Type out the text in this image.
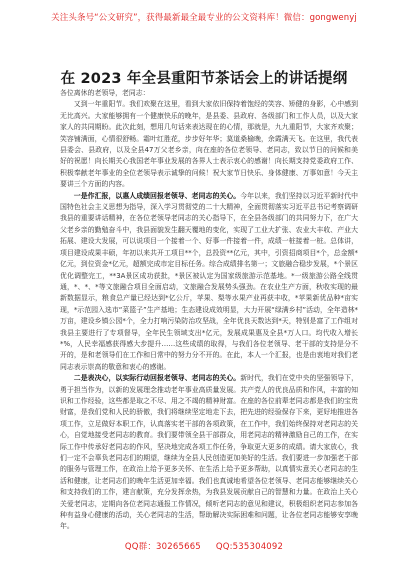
关注头条号“公文研究”，获得最新最全最专业的公文资料库！微信：gongwenyj
在 2023 年全县重阳节茶话会上的讲话提纲

各位离休的老领导，老同志：

又到一年重阳节。我们欢聚在这里，看到大家依旧保持着饱经的笑容、矫健的身影，心中感到无比高兴。大家能够拥有一个健康快乐的晚年，是县委、县政府、各级部门和工作人员，以及大家家人的共同期盼。此次此刻，想用几句话来表达现在的心情，那就是，九九重阳节，大家齐欢聚；笑容铺满面，心情很舒畅。霜叶红胜花，步步好年华；莫道桑榆晚，余霞满天飞。在这里，我代表县委会、县政府，以及全县47万父老乡亲，向在座的各位老领导、老同志，致以节日的问候和美好的祝愿！向长期关心我国老年事业发展的各界人士表示衷心的感谢！向长期支持党委政府工作、积极奉献老年事业的全位老领导表示诚挚的问候！祝大家节日快乐、身体健康、万事如意！今天主要讲三个方面的内容。

一是作汇报，以惠人成绩回报老领导、老同志的关心。今年以来，我们坚持以习近平新时代中国特色社会主义思想为指导，深入学习贯彻党的二十大精神，全面贯彻落实习近平总书记考察调研我县的重要讲话精神，在各位老领导老同志的关心指导下，在全县各级部门的共同努力下，在广大父老乡亲的勤勉奋斗中，我县面貌发生翻天覆地的变化，实现了工业大扩张、农业大丰收、产业大拓展、建设大发展，可以说项目一个接着一个、好事一件接着一件，成绩一桩接着一桩。总体讲，项目建设成果丰硕，年初以来共开工项目**个，总投资**亿元，其中，引资招商项目*个，总金额*亿元，到位资金*亿元，超额完成市定目标任务。综合成绩排名第一；文旅融合稳步发展，*个景区优化调整完工，**3A景区成功获批，*景区被认定为国家级旅游示范基地。*一级旅游公路全线贯通，*、*、*等文旅融合项目全面启动，文旅融合发展势头强劲。在农业生产方面，秋收实现的最新数据显示，粮食总产量已经达到*亿公斤，苹果、梨等水果产业再获丰收，*苹果新优品种*亩实现，*示范园入选市“菜篮子”生产基地；生态建设成效明显，大力开展“绿满乡村”活动，全年造林*万亩，建设乡镇公园*个，全力打响污染防治攻坚战，全年优良天数达到*天，特别是富了工作组对我县主要进行了专项督导，全年民生领域支出*亿元，发展成果惠及全县*万人口。均代收入增长*%，人民幸福感获得感大步提升……这些成绩的取得，与我们各位老领导、老干部的支持是分不开的，是和老领导们在工作和日常中的努力分不开的。在此，本人一个汇报，也是由衷地对我们老同志表示崇高的敬意和衷心的感谢。

二是表决心，以实际行动回报老领导、老同志的关心。新时代，我们在党中央的坚强领导下，勇于担当作为，以新的发展理念推动老年事业高质量发展。共产党人的优良品质和作风，丰富的知识和工作经验，这些都是取之不尽、用之不竭的精神财富。在座的各位前辈老同志都是我们的宝贵财富，是我们党和人民的骄傲，我们将继续坚定地走下去，把先进的经验保存下来，更好地推进各项工作，立足做好本职工作，认真落实老干部的各项政策，在工作中，我们始终保持对老同志的关心，自觉地接受老同志的教育。我们要带领全县干部群众，用老同志的精神激励自己的工作，在实际工作中传承好老同志的作风，坚决地完成各项工作任务，争取更大更多的成绩。请大家放心，我们一定不会辜负老同志们的期望，继续为全县人民创造更加美好的生活。我们要进一步加强老干部的服务与管理工作，在政治上给予更多关怀、在生活上给予更多帮助，以真情实意关心老同志的生活和健康，让老同志们的晚年生活更加幸福。我们也真诚地希望各位老领导、老同志能够继续关心和支持我们的工作，建言献策，充分发挥余热，为我县发展贡献自己的智慧和力量。在政治上关心关爱老同志，定期向各位老同志通报工作情况，倾听老同志的意见和建议，积极组织老同志参加各种有益身心健康的活动，关心老同志的生活，帮助解决实际困难和问题，让各位老同志能够安享晚年。

QQ群：30265665 QQ:535304092
